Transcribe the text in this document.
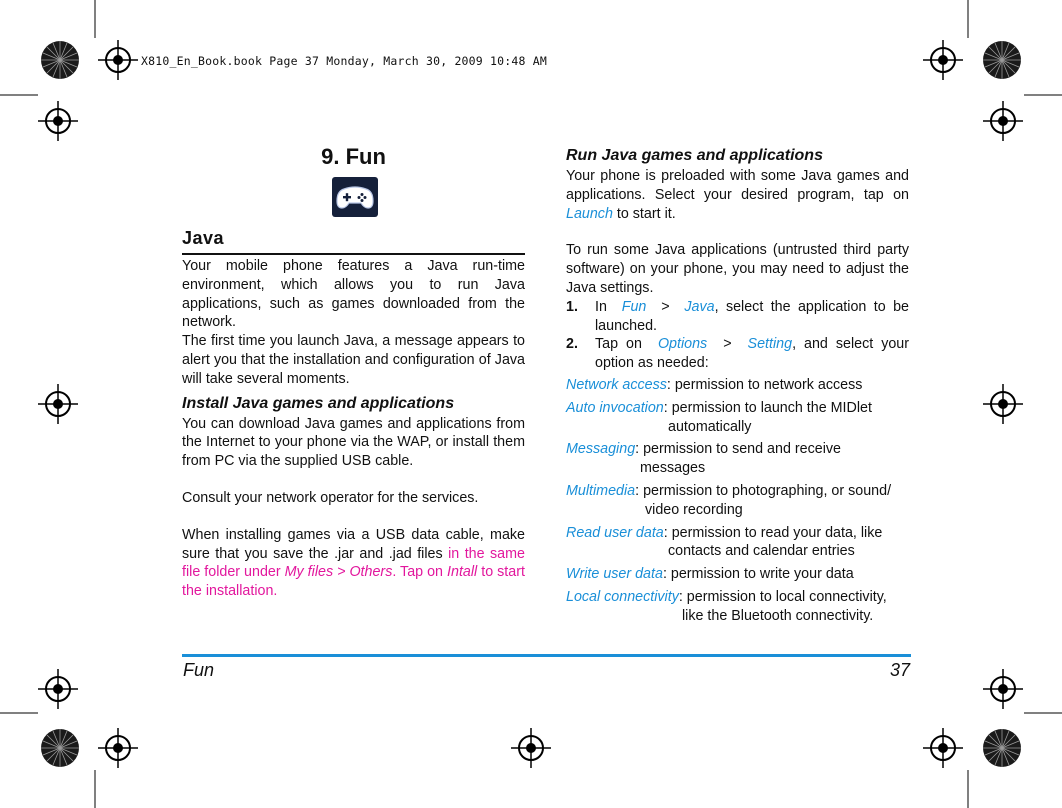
X810_En_Book.book Page 37 Monday, March 30, 2009 10:48 AM
9. Fun
Java

Your mobile phone features a Java run-time environment, which allows you to run Java applications, such as games downloaded from the network.

The first time you launch Java, a message appears to alert you that the installation and configuration of Java will take several moments.

Install Java games and applications

You can download Java games and applications from the Internet to your phone via the WAP, or install them from PC via the supplied USB cable.

Consult your network operator for the services.

When installing games via a USB data cable, make sure that you save the .jar and .jad files in the same file folder under My files > Others. Tap on Intall to start the installation.

Run Java games and applications

Your phone is preloaded with some Java games and applications. Select your desired program, tap on Launch to start it.

To run some Java applications (untrusted third party software) on your phone, you may need to adjust the Java settings.

1.	In Fun > Java, select the application to be launched.
2.	Tap on Options > Setting, and select your option as needed:
Network access: permission to network access
Auto invocation: permission to launch the MIDlet
automatically
Messaging: permission to send and receive
messages
Multimedia: permission to photographing, or sound/
video recording
Read user data: permission to read your data, like
contacts and calendar entries
Write user data: permission to write your data
Local connectivity: permission to local connectivity,
like the Bluetooth connectivity.
Fun	37
